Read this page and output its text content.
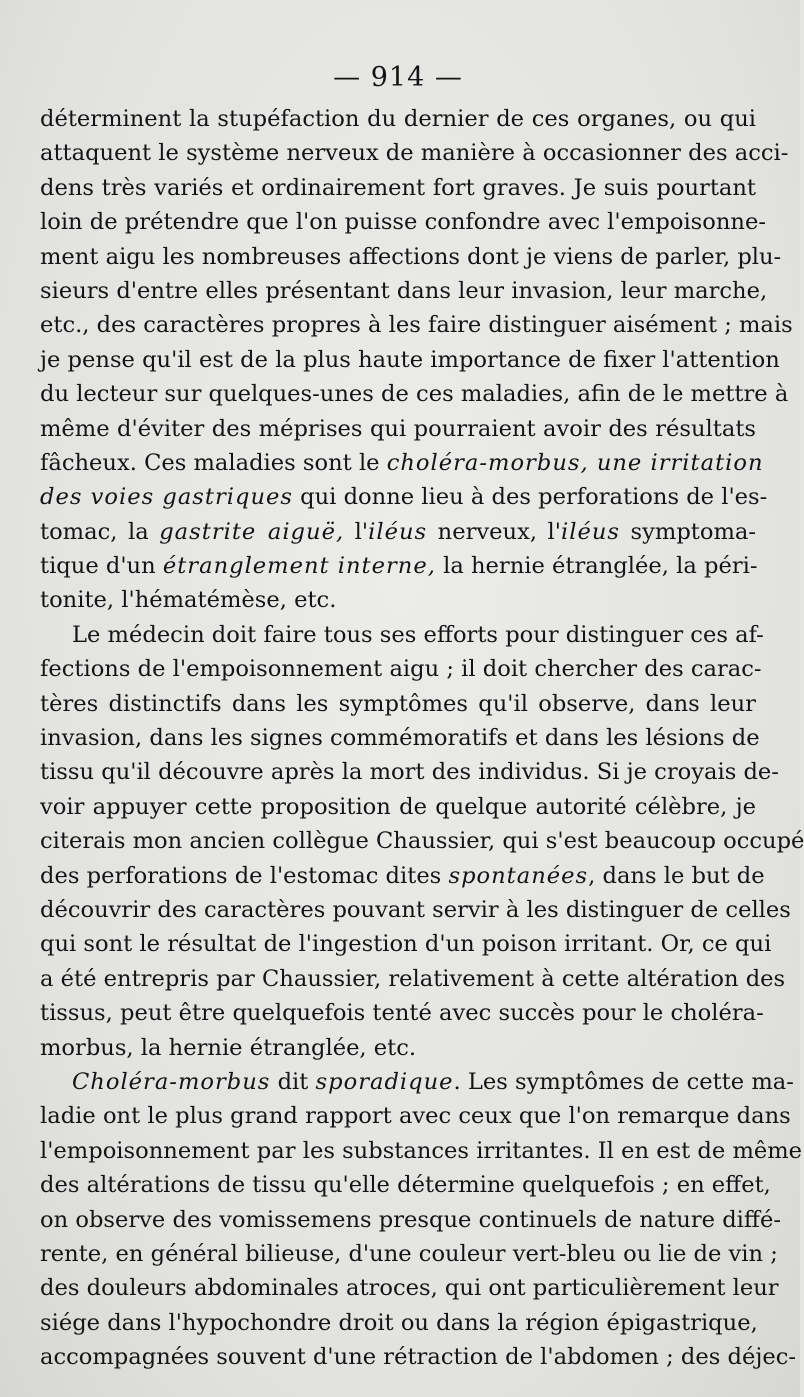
— 914 —
déterminent la stupéfaction du dernier de ces organes, ou qui
attaquent le système nerveux de manière à occasionner des acci-
dens très variés et ordinairement fort graves. Je suis pourtant
loin de prétendre que l'on puisse confondre avec l'empoisonne-
ment aigu les nombreuses affections dont je viens de parler, plu-
sieurs d'entre elles présentant dans leur invasion, leur marche,
etc., des caractères propres à les faire distinguer aisément ; mais
je pense qu'il est de la plus haute importance de fixer l'attention
du lecteur sur quelques-unes de ces maladies, afin de le mettre à
même d'éviter des méprises qui pourraient avoir des résultats
fâcheux. Ces maladies sont le choléra-morbus, une irritation
des voies gastriques qui donne lieu à des perforations de l'es-
tomac, la gastrite aiguë, l'iléus nerveux, l'iléus symptoma-
tique d'un étranglement interne, la hernie étranglée, la péri-
tonite, l'hématémèse, etc.
Le médecin doit faire tous ses efforts pour distinguer ces af-
fections de l'empoisonnement aigu ; il doit chercher des carac-
tères distinctifs dans les symptômes qu'il observe, dans leur
invasion, dans les signes commémoratifs et dans les lésions de
tissu qu'il découvre après la mort des individus. Si je croyais de-
voir appuyer cette proposition de quelque autorité célèbre, je
citerais mon ancien collègue Chaussier, qui s'est beaucoup occupé
des perforations de l'estomac dites spontanées, dans le but de
découvrir des caractères pouvant servir à les distinguer de celles
qui sont le résultat de l'ingestion d'un poison irritant. Or, ce qui
a été entrepris par Chaussier, relativement à cette altération des
tissus, peut être quelquefois tenté avec succès pour le choléra-
morbus, la hernie étranglée, etc.
Choléra-morbus dit sporadique. Les symptômes de cette ma-
ladie ont le plus grand rapport avec ceux que l'on remarque dans
l'empoisonnement par les substances irritantes. Il en est de même
des altérations de tissu qu'elle détermine quelquefois ; en effet,
on observe des vomissemens presque continuels de nature diffé-
rente, en général bilieuse, d'une couleur vert-bleu ou lie de vin ;
des douleurs abdominales atroces, qui ont particulièrement leur
siége dans l'hypochondre droit ou dans la région épigastrique,
accompagnées souvent d'une rétraction de l'abdomen ; des déjec-
